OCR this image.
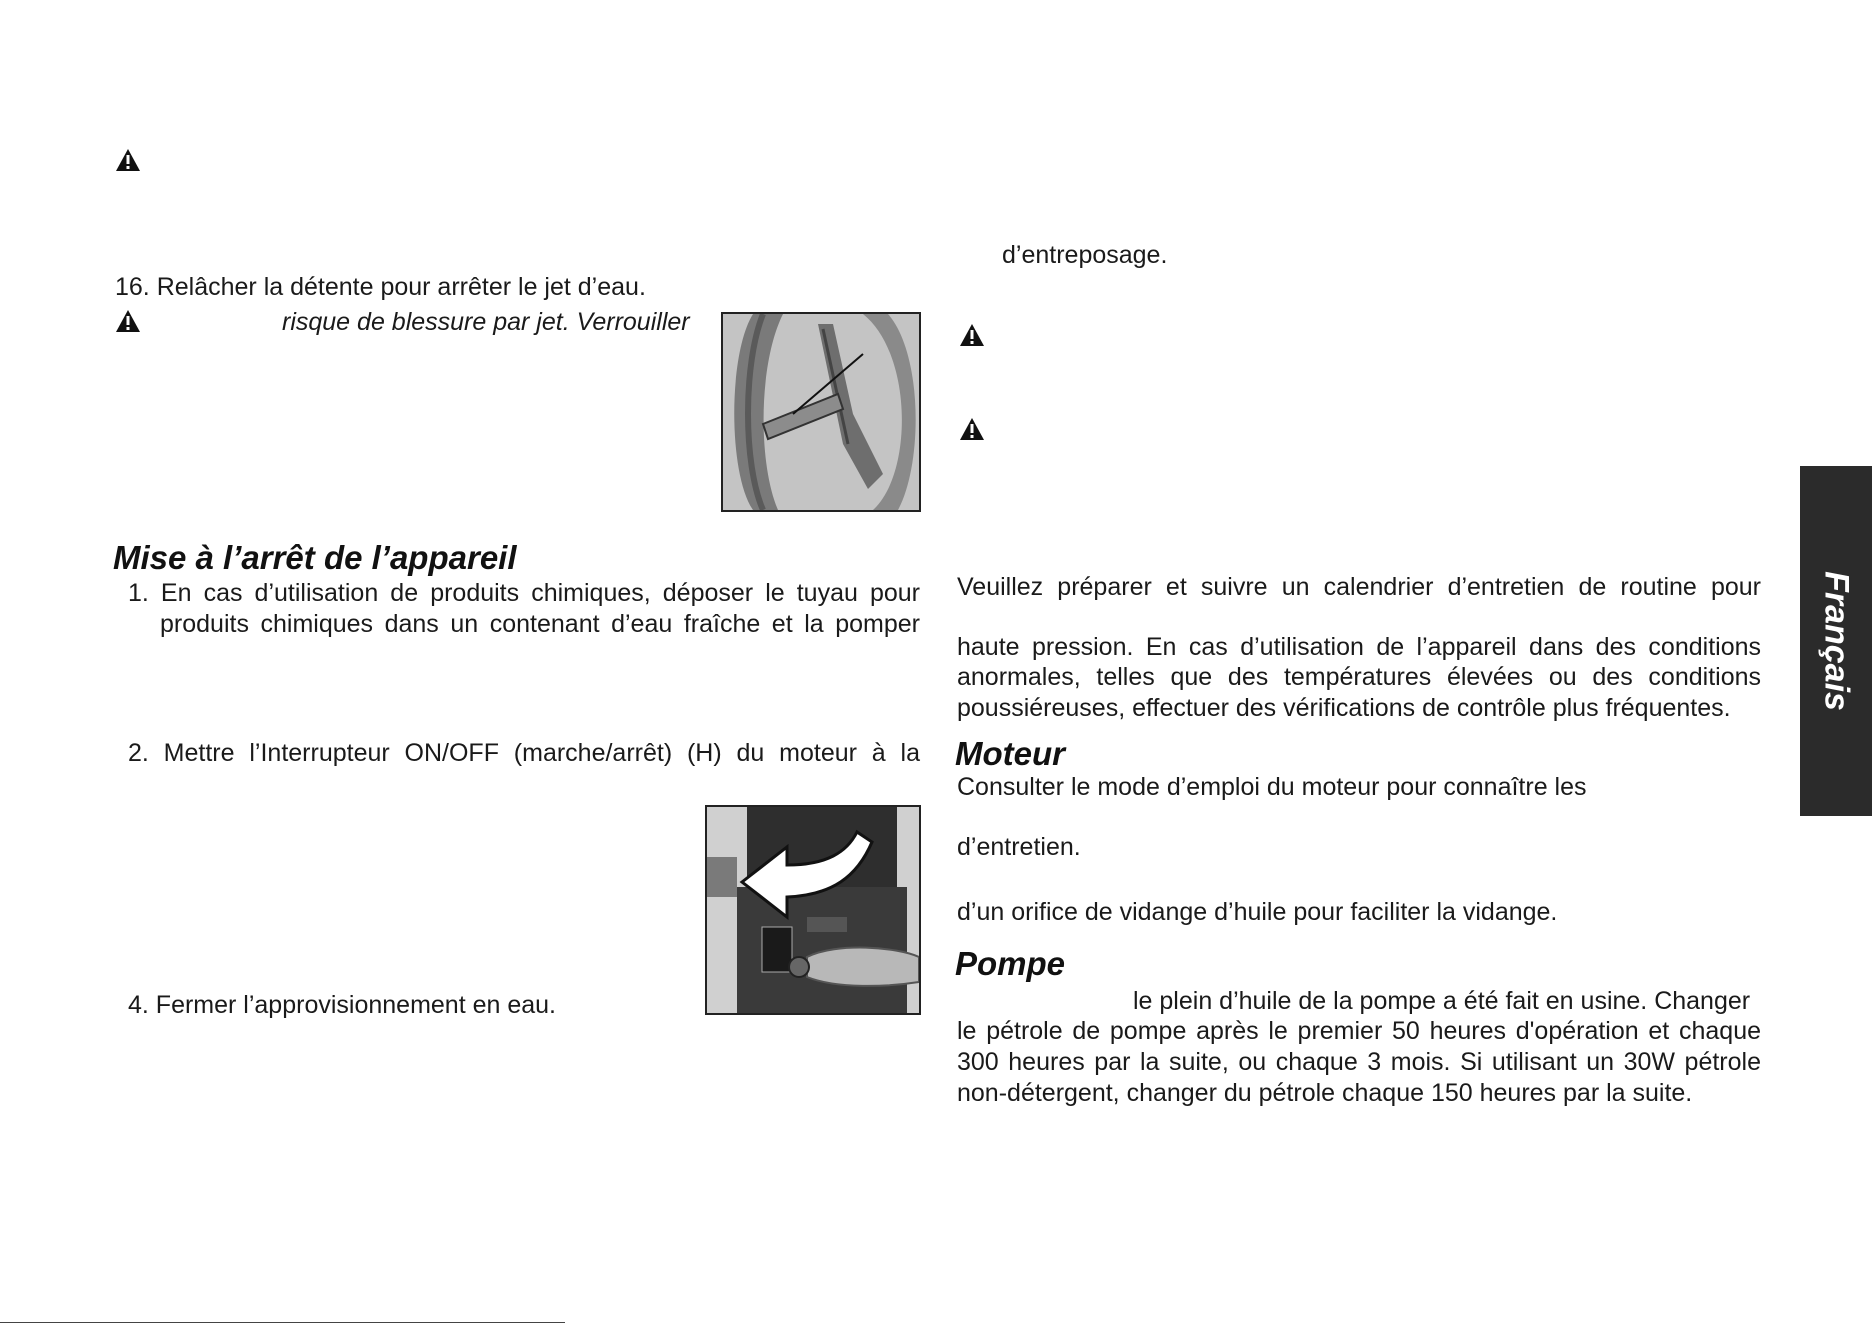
16. Relâcher la détente pour arrêter le jet d’eau.
risque de blessure par jet. Verrouiller
Mise à l’arrêt de l’appareil
1. En cas d’utilisation de produits chimiques, déposer le tuyau pour
produits chimiques dans un contenant d’eau fraîche et la pomper
2. Mettre l’Interrupteur ON/OFF (marche/arrêt) (H) du moteur à la
4. Fermer l’approvisionnement en eau.
d’entreposage.
Veuillez préparer et suivre un calendrier d’entretien de routine pour
haute pression. En cas d’utilisation de l’appareil dans des conditions
anormales, telles que des températures élevées ou des conditions
poussiéreuses, effectuer des vérifications de contrôle plus fréquentes.
Moteur
Consulter le mode d’emploi du moteur pour connaître les
d’entretien.
d’un orifice de vidange d’huile pour faciliter la vidange.
Pompe
le plein d’huile de la pompe a été fait en usine. Changer
le pétrole de pompe après le premier 50 heures d'opération et chaque
300 heures par la suite, ou chaque 3 mois. Si utilisant un 30W pétrole
non-détergent, changer du pétrole chaque 150 heures par la suite.
Français
